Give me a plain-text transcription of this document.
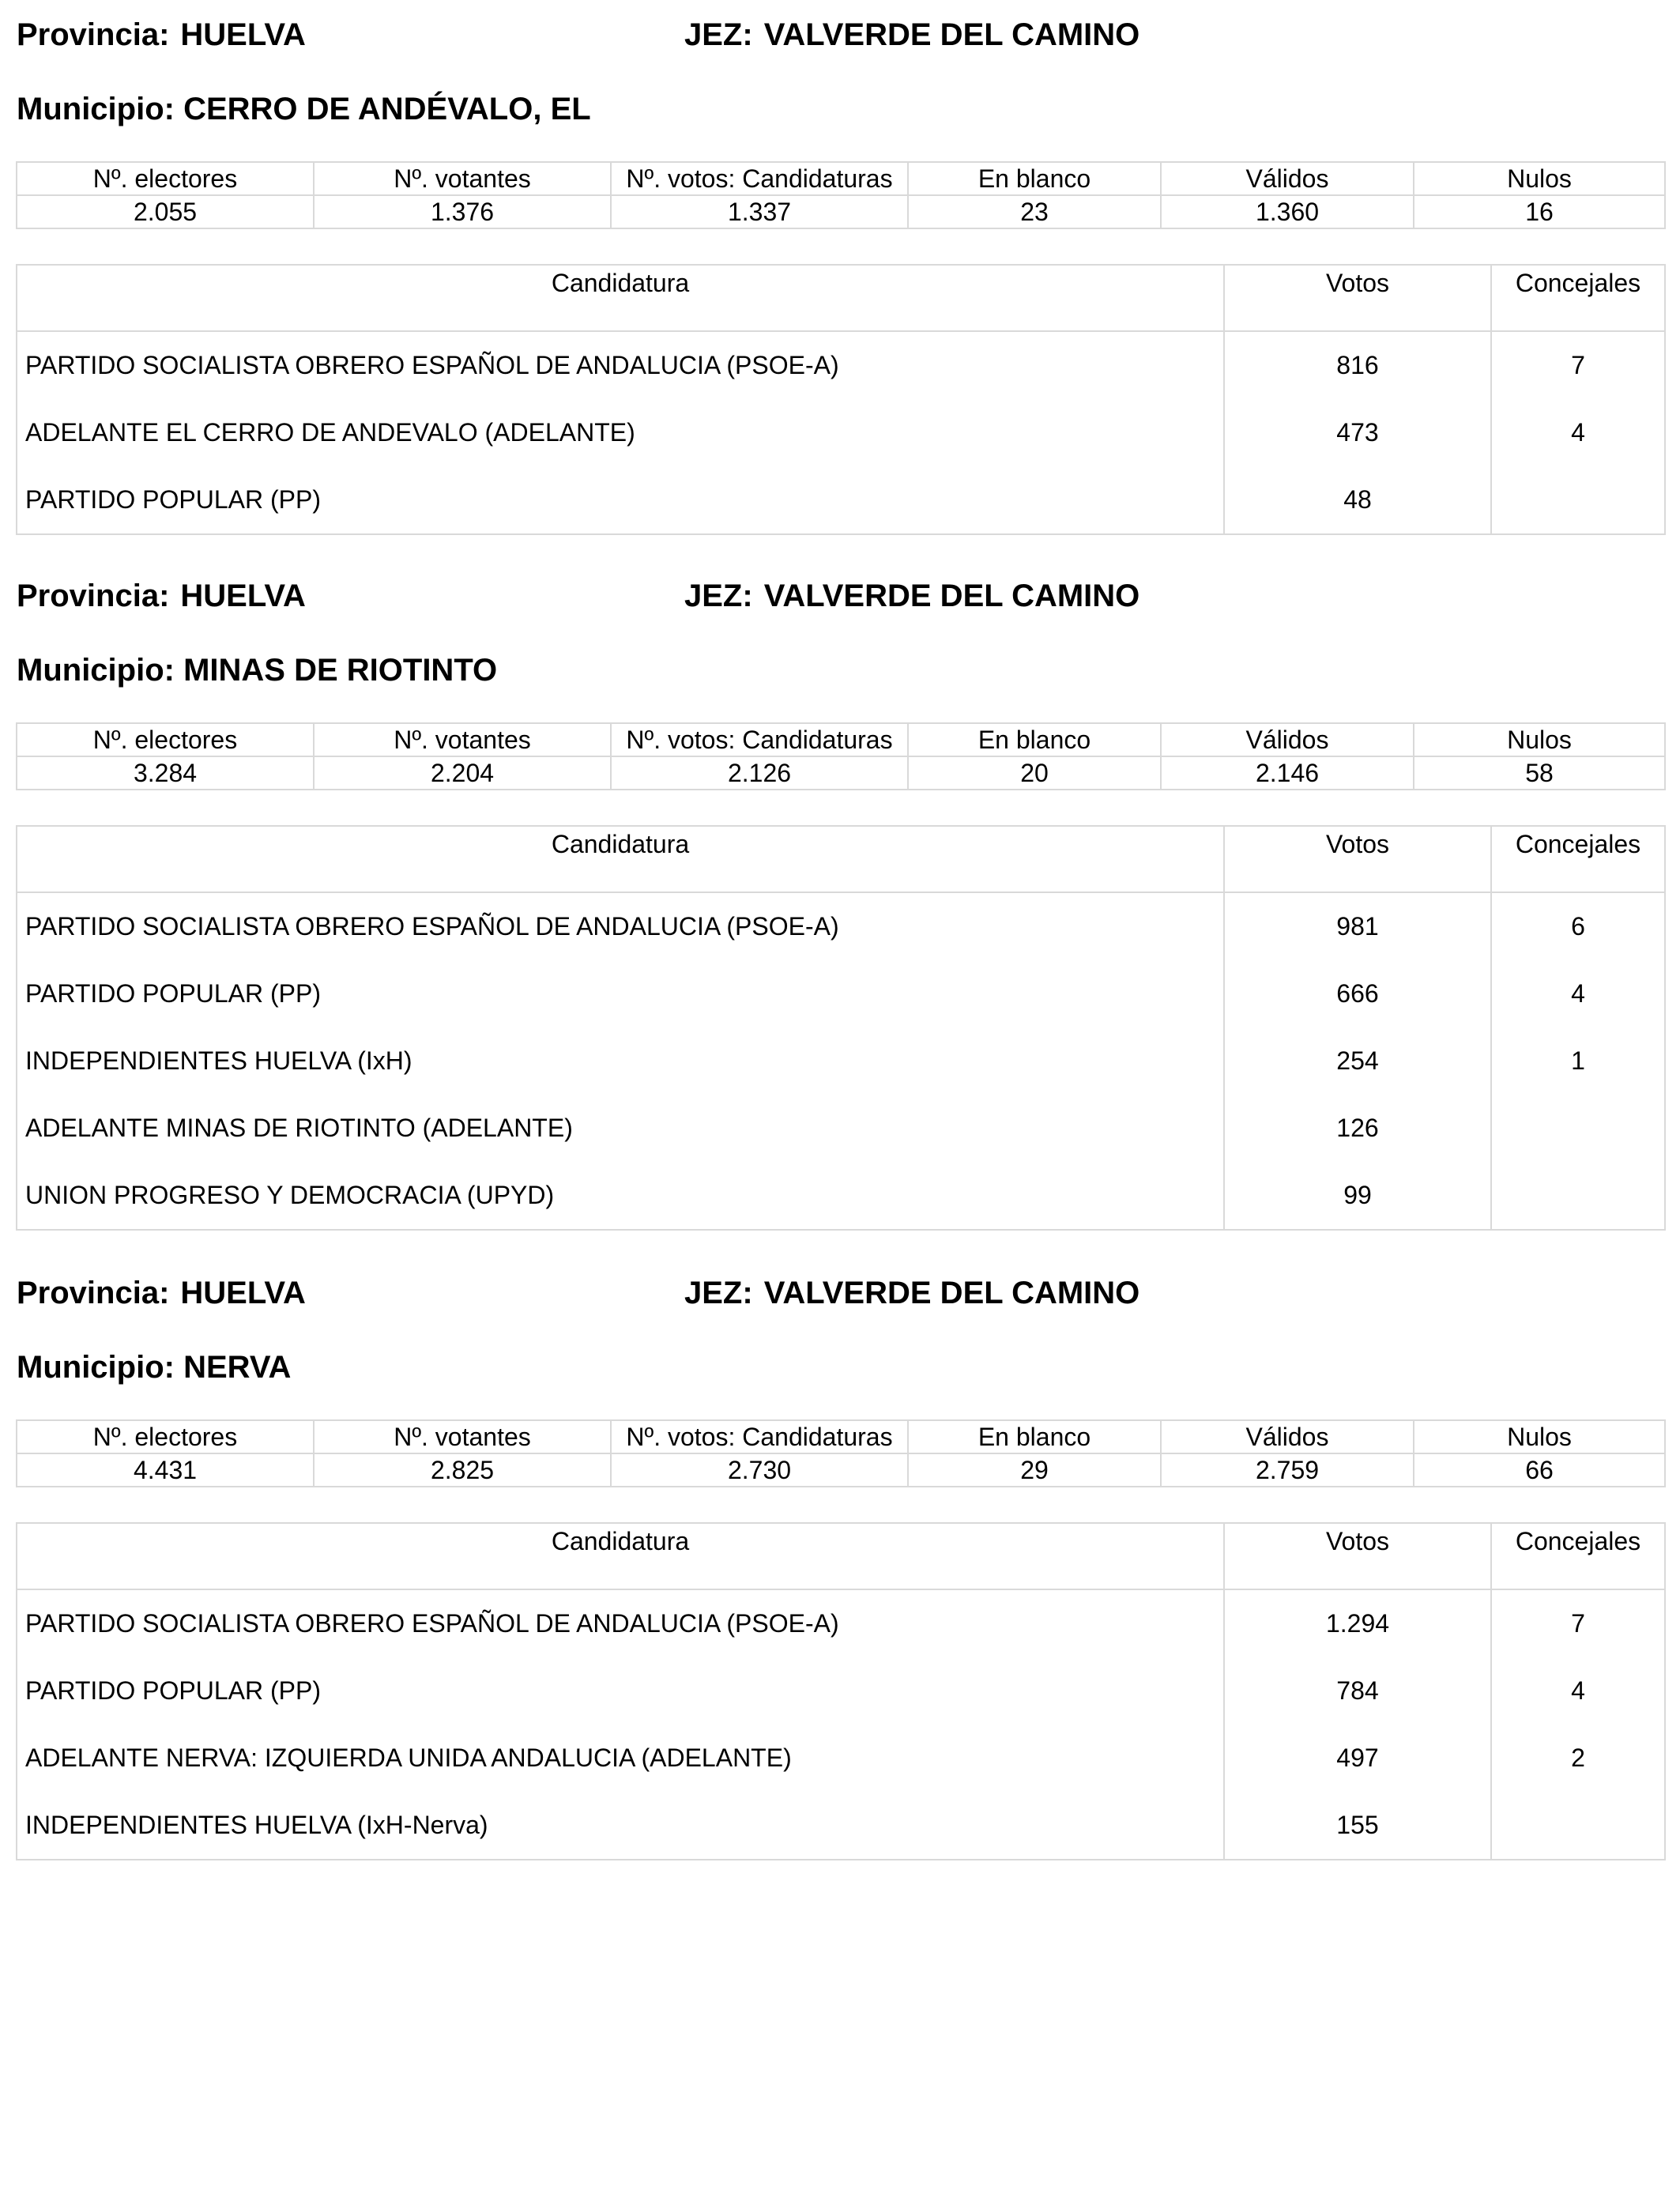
Provincia: HUELVA	JEZ: VALVERDE DEL CAMINO
Municipio: CERRO DE ANDÉVALO, EL
Nº. electores	Nº. votantes	Nº. votos: Candidaturas	En blanco	Válidos	Nulos
2.055	1.376	1.337	23	1.360	16
Candidatura	Votos	Concejales
PARTIDO SOCIALISTA OBRERO ESPAÑOL DE ANDALUCIA (PSOE-A)	816	7
ADELANTE EL CERRO DE ANDEVALO (ADELANTE)	473	4
PARTIDO POPULAR (PP)	48	
Provincia: HUELVA	JEZ: VALVERDE DEL CAMINO
Municipio: MINAS DE RIOTINTO
Nº. electores	Nº. votantes	Nº. votos: Candidaturas	En blanco	Válidos	Nulos
3.284	2.204	2.126	20	2.146	58
Candidatura	Votos	Concejales
PARTIDO SOCIALISTA OBRERO ESPAÑOL DE ANDALUCIA (PSOE-A)	981	6
PARTIDO POPULAR (PP)	666	4
INDEPENDIENTES HUELVA (IxH)	254	1
ADELANTE MINAS DE RIOTINTO (ADELANTE)	126	
UNION PROGRESO Y DEMOCRACIA (UPYD)	99	
Provincia: HUELVA	JEZ: VALVERDE DEL CAMINO
Municipio: NERVA
Nº. electores	Nº. votantes	Nº. votos: Candidaturas	En blanco	Válidos	Nulos
4.431	2.825	2.730	29	2.759	66
Candidatura	Votos	Concejales
PARTIDO SOCIALISTA OBRERO ESPAÑOL DE ANDALUCIA (PSOE-A)	1.294	7
PARTIDO POPULAR (PP)	784	4
ADELANTE NERVA: IZQUIERDA UNIDA ANDALUCIA (ADELANTE)	497	2
INDEPENDIENTES HUELVA (IxH-Nerva)	155	
